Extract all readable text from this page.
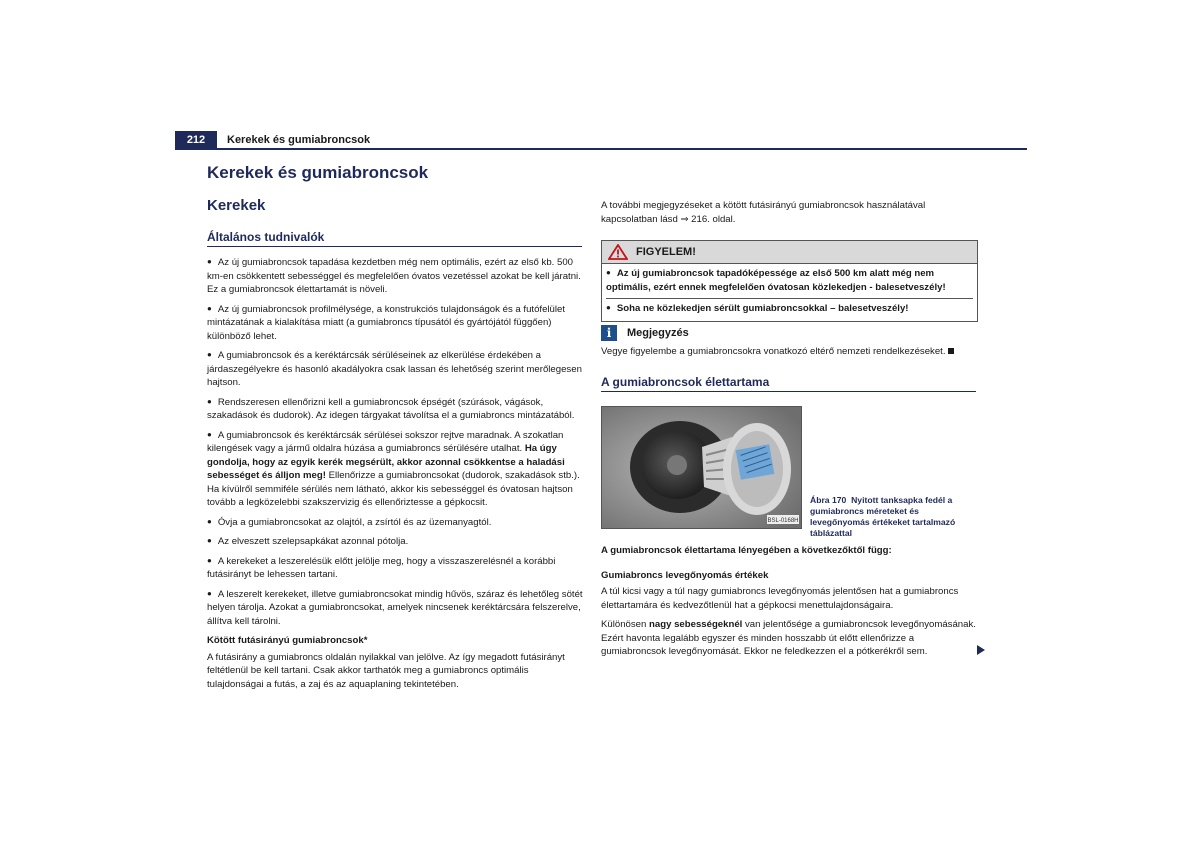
212	Kerekek és gumiabroncsok
Kerekek és gumiabroncsok
Kerekek
Általános tudnivalók

● Az új gumiabroncsok tapadása kezdetben még nem optimális, ezért az első kb. 500 km-en csökkentett sebességgel és megfelelően óvatos vezetéssel azokat be kell járatni. Ez a gumiabroncsok élettartamát is növeli.

● Az új gumiabroncsok profilmélysége, a konstrukciós tulajdonságok és a futófelület mintázatának a kialakítása miatt (a gumiabroncs típusától és gyártójától függően) különböző lehet.

● A gumiabroncsok és a keréktárcsák sérüléseinek az elkerülése érdekében a járdaszegélyekre és hasonló akadályokra csak lassan és lehetőség szerint merőlegesen hajtson.

● Rendszeresen ellenőrizni kell a gumiabroncsok épségét (szúrások, vágások, szakadások és dudorok). Az idegen tárgyakat távolítsa el a gumiabroncs mintázatából.

● A gumiabroncsok és keréktárcsák sérülései sokszor rejtve maradnak. A szokatlan kilengések vagy a jármű oldalra húzása a gumiabroncs sérülésére utalhat. Ha úgy gondolja, hogy az egyik kerék megsérült, akkor azonnal csökkentse a haladási sebességet és álljon meg! Ellenőrizze a gumiabroncsokat (dudorok, szakadások stb.). Ha kívülről semmiféle sérülés nem látható, akkor kis sebességgel és óvatosan hajtson tovább a legközelebbi szakszervizig és ellenőriztesse a gépkocsit.

● Óvja a gumiabroncsokat az olajtól, a zsírtól és az üzemanyagtól.

● Az elveszett szelepsapkákat azonnal pótolja.

● A kerekeket a leszerelésük előtt jelölje meg, hogy a visszaszerelésnél a korábbi futásirányt be lehessen tartani.

● A leszerelt kerekeket, illetve gumiabroncsokat mindig hűvös, száraz és lehetőleg sötét helyen tárolja. Azokat a gumiabroncsokat, amelyek nincsenek keréktárcsára felszerelve, állítva kell tárolni.

Kötött futásirányú gumiabroncsok*

A futásirány a gumiabroncs oldalán nyilakkal van jelölve. Az így megadott futásirányt feltétlenül be kell tartani. Csak akkor tarthatók meg a gumiabroncs optimális tulajdonságai a futás, a zaj és az aquaplaning tekintetében.

A további megjegyzéseket a kötött futásirányú gumiabroncsok használatával kapcsolatban lásd ⇒ 216. oldal.
FIGYELEM!
● Az új gumiabroncsok tapadóképessége az első 500 km alatt még nem optimális, ezért ennek megfelelően óvatosan közlekedjen - balesetveszély!
● Soha ne közlekedjen sérült gumiabroncsokkal – balesetveszély!
i	Megjegyzés
Vegye figyelembe a gumiabroncsokra vonatkozó eltérő nemzeti rendelkezéseket.
A gumiabroncsok élettartama
BSL-0168H
Ábra 170 Nyitott tanksapka fedél a gumiabroncs méreteket és levegőnyomás értékeket tartalmazó táblázattal

A gumiabroncsok élettartama lényegében a következőktől függ:

Gumiabroncs levegőnyomás értékek

A túl kicsi vagy a túl nagy gumiabroncs levegőnyomás jelentősen hat a gumiabroncs élettartamára és kedvezőtlenül hat a gépkocsi menettulajdonságaira.

Különösen nagy sebességeknél van jelentősége a gumiabroncsok levegőnyomásának. Ezért havonta legalább egyszer és minden hosszabb út előtt ellenőrizze a gumiabroncsok levegőnyomását. Ekkor ne feledkezzen el a pótkerékről sem.
